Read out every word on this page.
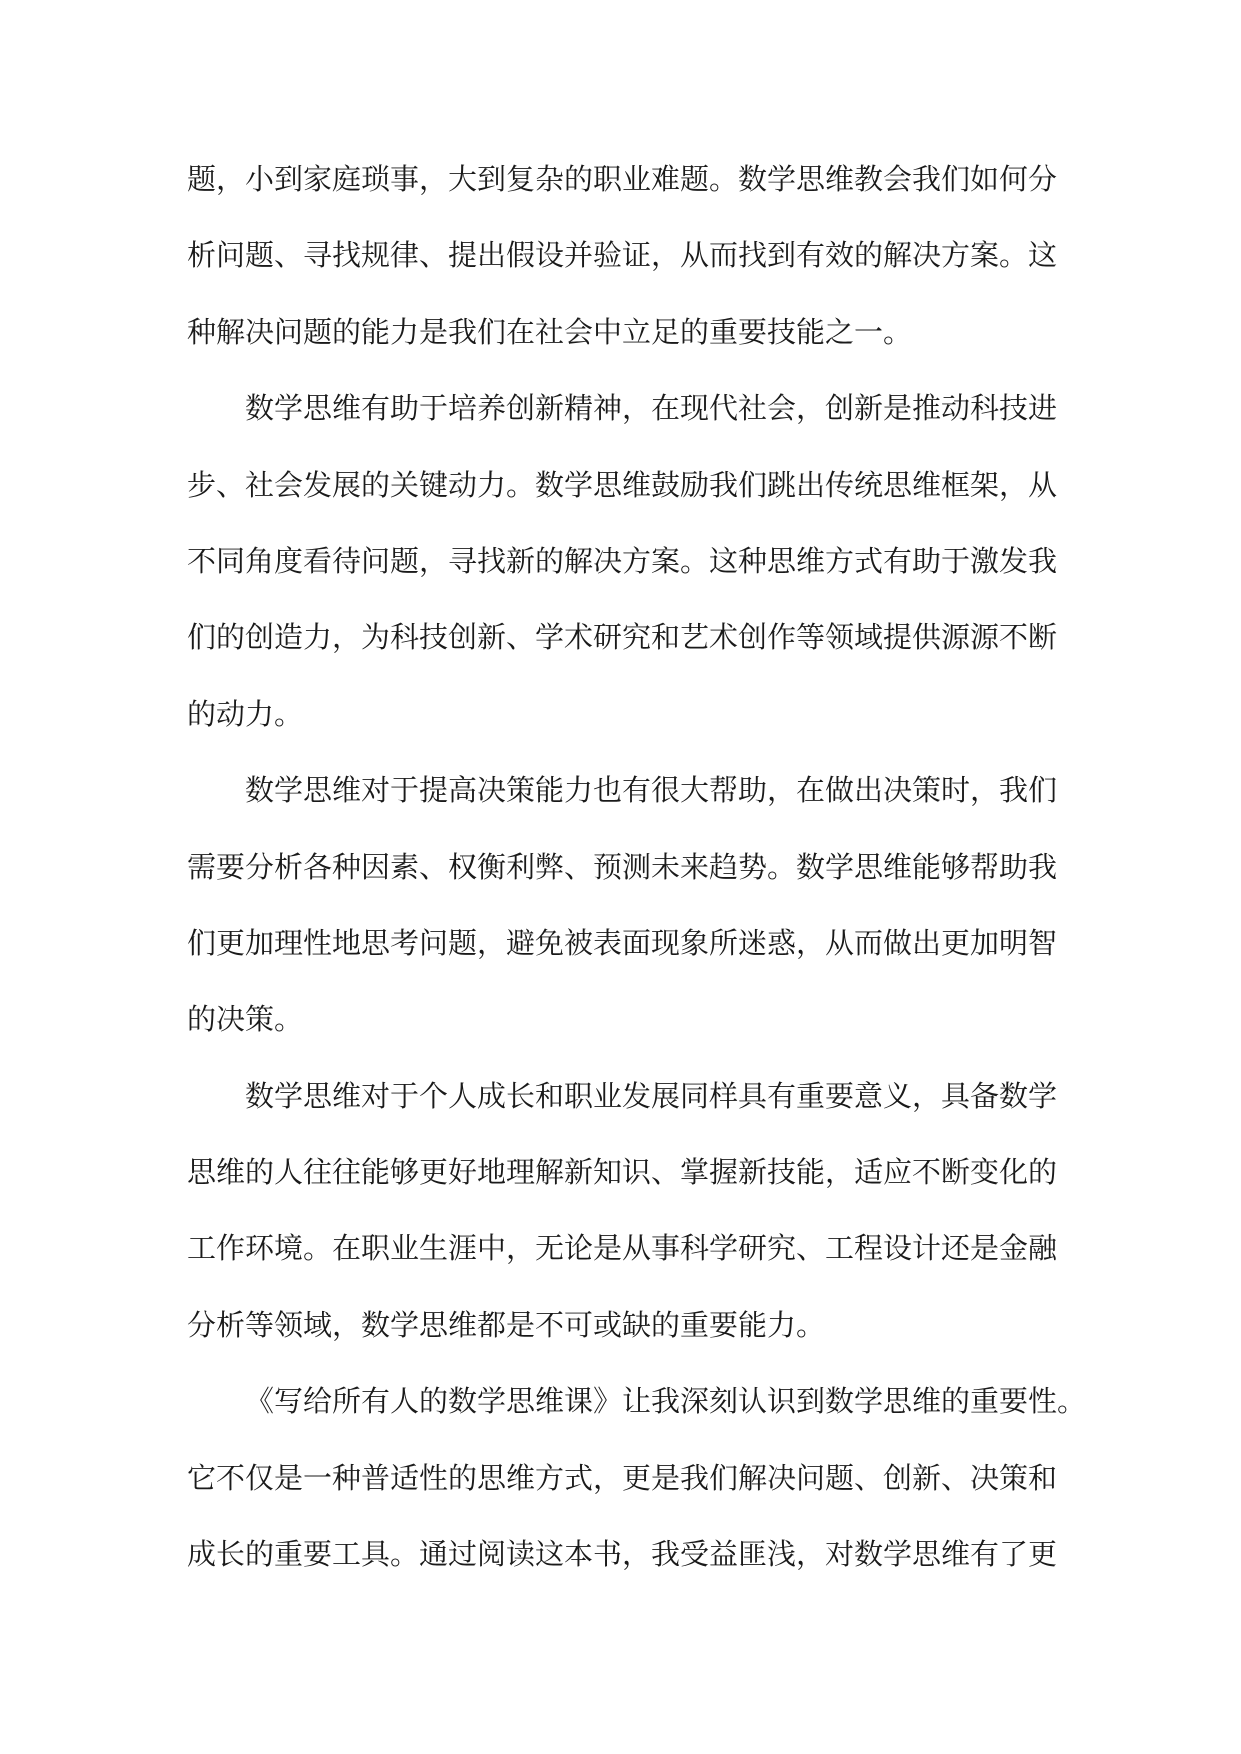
题，小到家庭琐事，大到复杂的职业难题。数学思维教会我们如何分
析问题、寻找规律、提出假设并验证，从而找到有效的解决方案。这
种解决问题的能力是我们在社会中立足的重要技能之一。
数学思维有助于培养创新精神，在现代社会，创新是推动科技进
步、社会发展的关键动力。数学思维鼓励我们跳出传统思维框架，从
不同角度看待问题，寻找新的解决方案。这种思维方式有助于激发我
们的创造力，为科技创新、学术研究和艺术创作等领域提供源源不断
的动力。
数学思维对于提高决策能力也有很大帮助，在做出决策时，我们
需要分析各种因素、权衡利弊、预测未来趋势。数学思维能够帮助我
们更加理性地思考问题，避免被表面现象所迷惑，从而做出更加明智
的决策。
数学思维对于个人成长和职业发展同样具有重要意义，具备数学
思维的人往往能够更好地理解新知识、掌握新技能，适应不断变化的
工作环境。在职业生涯中，无论是从事科学研究、工程设计还是金融
分析等领域，数学思维都是不可或缺的重要能力。
《写给所有人的数学思维课》让我深刻认识到数学思维的重要性。
它不仅是一种普适性的思维方式，更是我们解决问题、创新、决策和
成长的重要工具。通过阅读这本书，我受益匪浅，对数学思维有了更
